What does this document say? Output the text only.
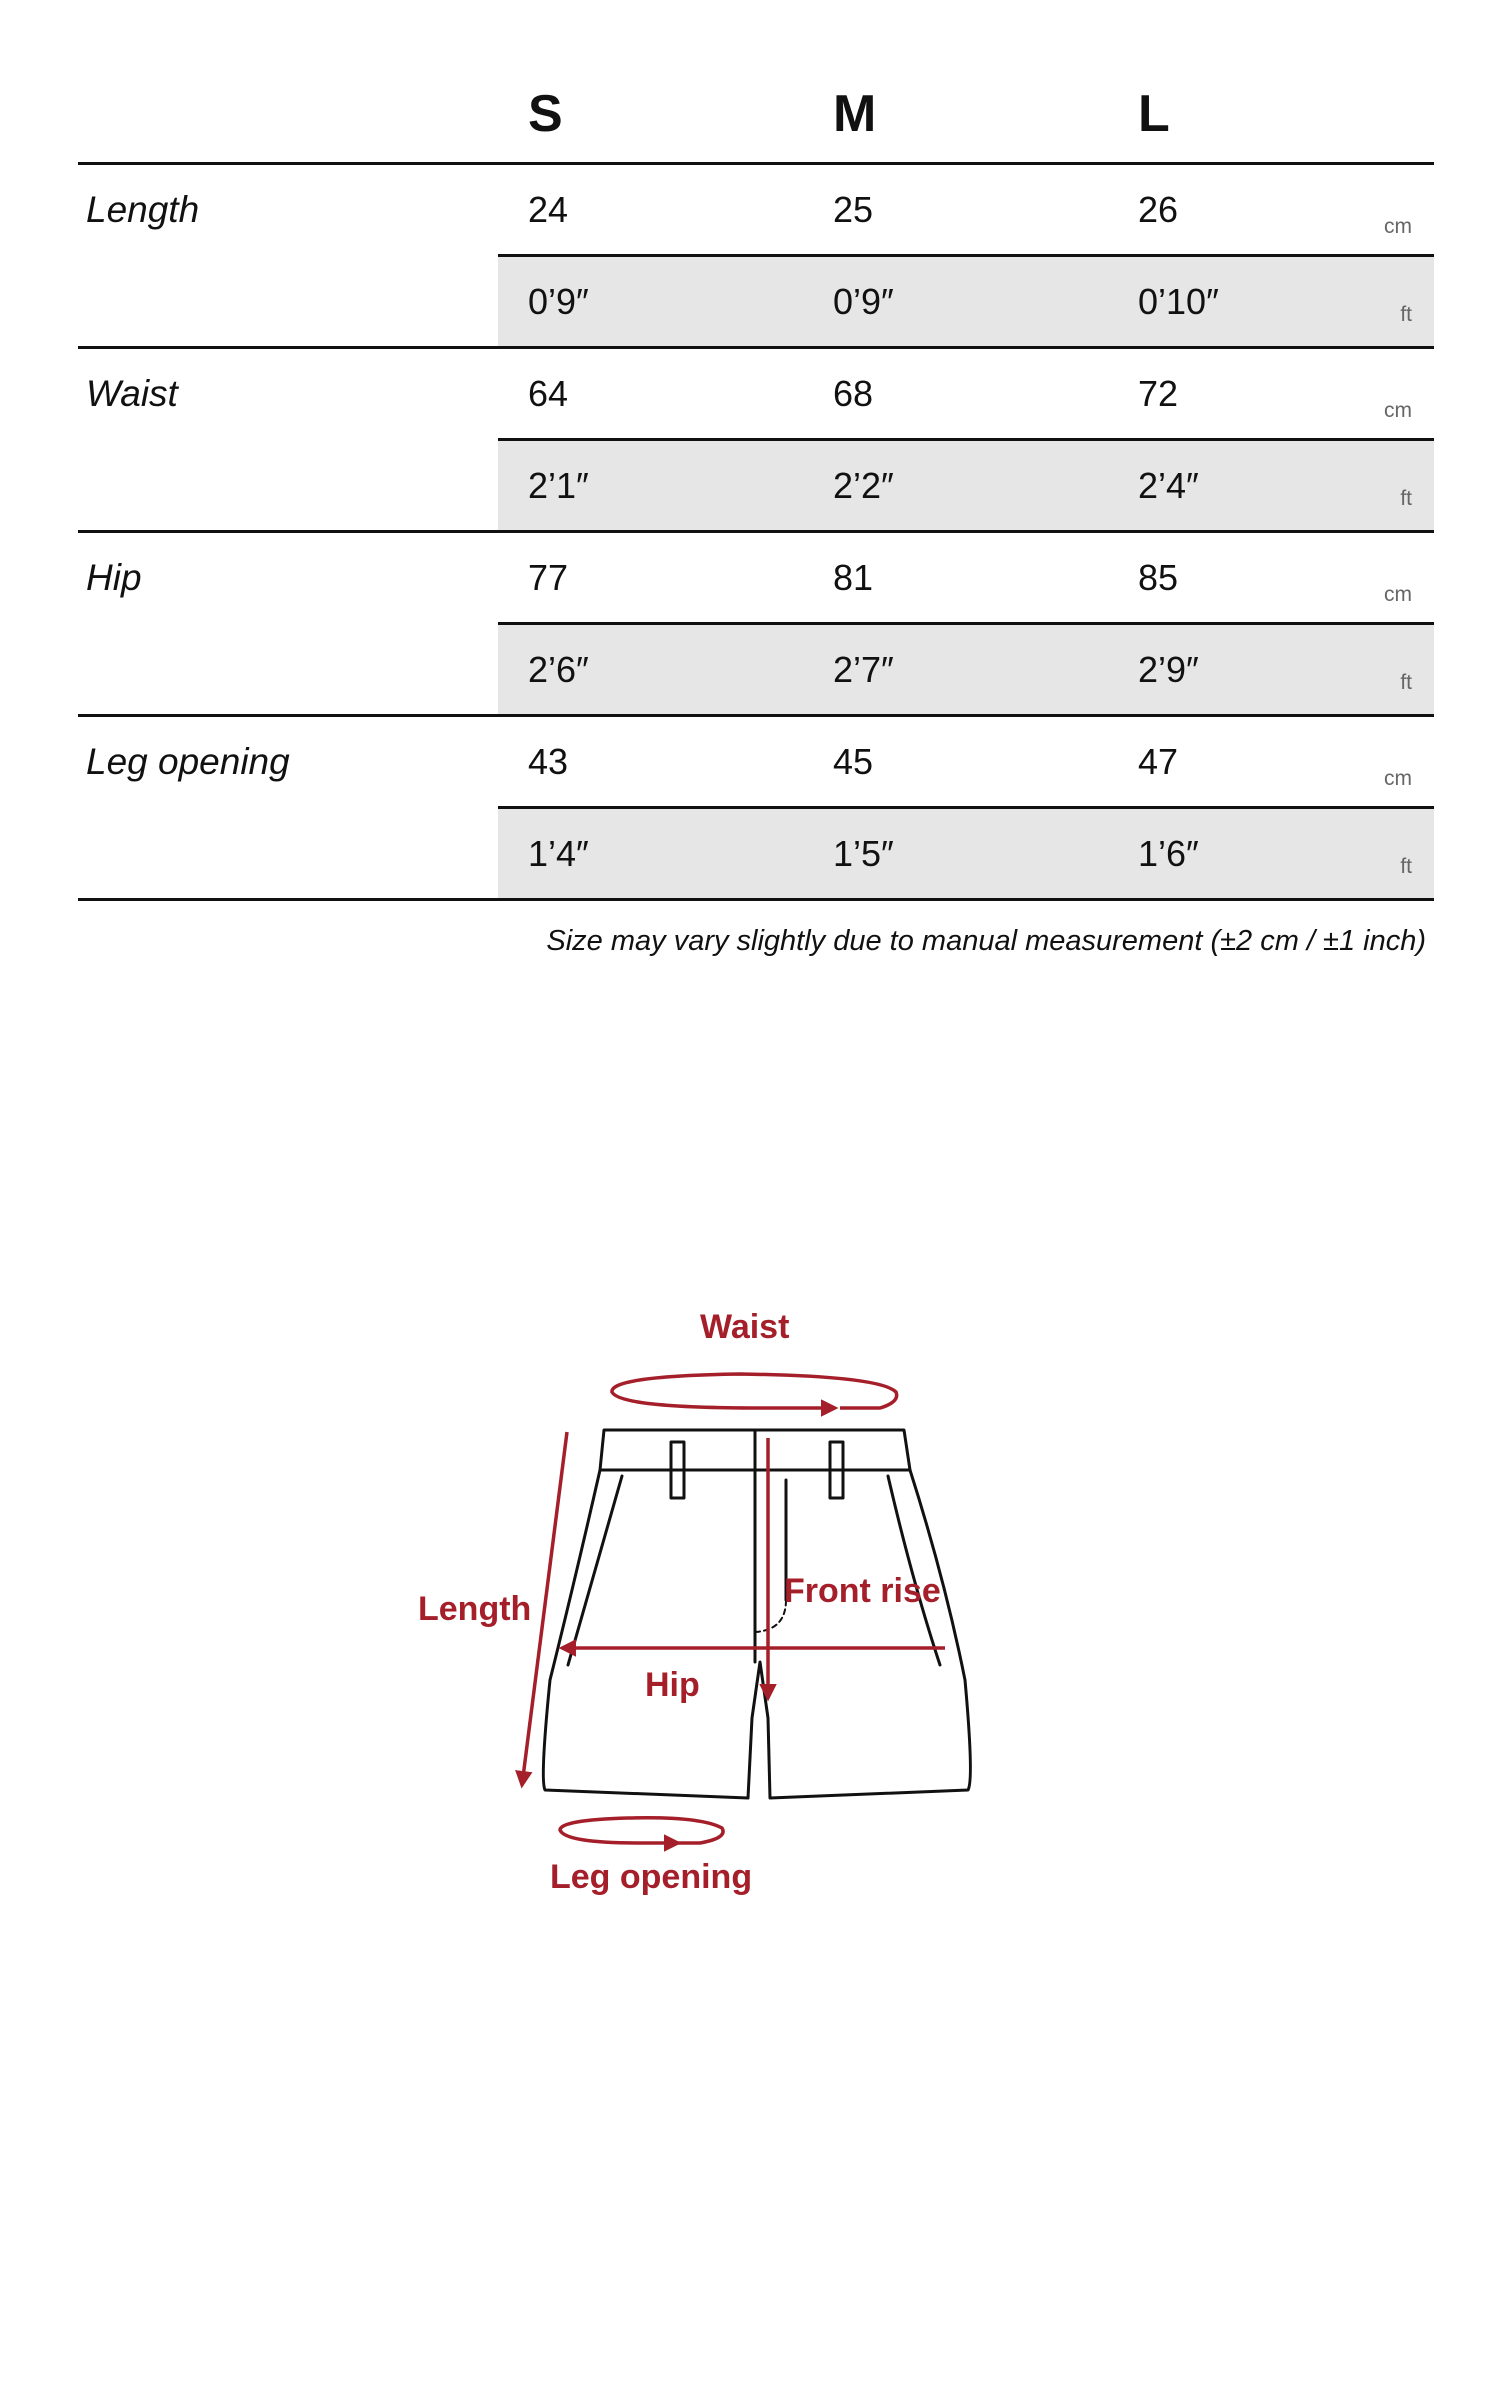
S	M	L
Length	24	25	26	cm
0’9″	0’9″	0’10″	ft
Waist	64	68	72	cm
2’1″	2’2″	2’4″	ft
Hip	77	81	85	cm
2’6″	2’7″	2’9″	ft
Leg opening	43	45	47	cm
1’4″	1’5″	1’6″	ft
Size may vary slightly due to manual measurement (±2 cm / ±1 inch)
Waist
Length	Front rise
Hip
Leg opening
